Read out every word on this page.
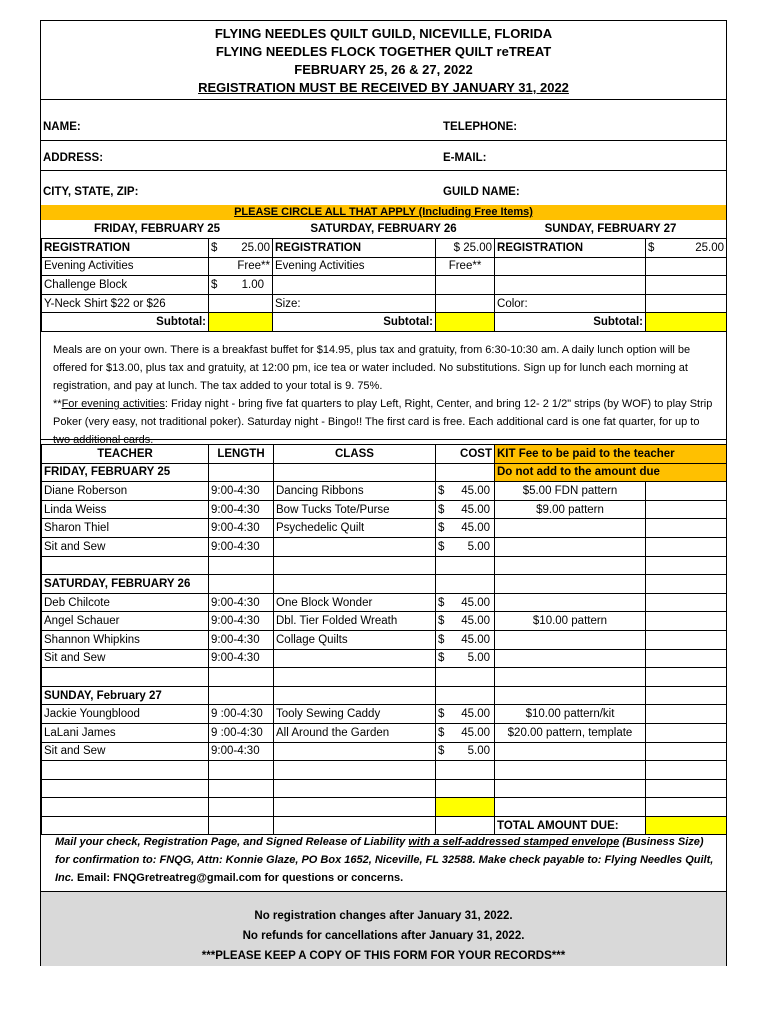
FLYING NEEDLES QUILT GUILD, NICEVILLE, FLORIDA
FLYING NEEDLES FLOCK TOGETHER QUILT reTREAT
FEBRUARY 25, 26 & 27, 2022
REGISTRATION MUST BE RECEIVED BY JANUARY 31, 2022
NAME:	TELEPHONE:
ADDRESS:	E-MAIL:
CITY, STATE, ZIP:	GUILD NAME:
PLEASE CIRCLE ALL THAT APPLY (Including Free Items)
FRIDAY, FEBRUARY 25		SATURDAY, FEBRUARY 26		SUNDAY, FEBRUARY 27	
REGISTRATION	$ 25.00	REGISTRATION	$ 25.00	REGISTRATION	$ 25.00

Evening Activities	Free**	Evening Activities	Free**		
Challenge Block	$ 1.00				

Y-Neck Shirt $22 or $26		Size:		Color:	
Subtotal:		Subtotal:		Subtotal:	
Meals are on your own. There is a breakfast buffet for $14.95, plus tax and gratuity, from 6:30-10:30 am. A daily lunch option will be offered for $13.00, plus tax and gratuity, at 12:00 pm, ice tea or water included. No substitutions. Sign up for lunch each morning at registration, and pay at lunch. The tax added to your total is 9. 75%.
**For evening activities: Friday night - bring five fat quarters to play Left, Right, Center, and bring 12- 2 1/2" strips (by WOF) to play Strip Poker (very easy, not traditional poker). Saturday night - Bingo!! The first card is free. Each additional card is one fat quarter, for up to two additional cards.
TEACHER	LENGTH	CLASS	COST	KIT Fee to be paid to the teacher	
FRIDAY, FEBRUARY 25				Do not add to the amount due	
Diane Roberson	9:00-4:30	Dancing Ribbons	$ 45.00	$5.00 FDN pattern	
Linda Weiss	9:00-4:30	Bow Tucks Tote/Purse	$ 45.00	$9.00 pattern	
Sharon Thiel	9:00-4:30	Psychedelic Quilt	$ 45.00		

Sit and Sew	9:00-4:30		$ 5.00		

SATURDAY, FEBRUARY 26					
Deb Chilcote	9:00-4:30	One Block Wonder	$ 45.00		

Angel Schauer	9:00-4:30	Dbl. Tier Folded Wreath	$ 45.00	$10.00 pattern	
Shannon Whipkins	9:00-4:30	Collage Quilts	$ 45.00		

Sit and Sew	9:00-4:30		$ 5.00		

SUNDAY, February 27					
Jackie Youngblood	9 :00-4:30	Tooly Sewing Caddy	$ 45.00	$10.00 pattern/kit	
LaLani James	9 :00-4:30	All Around the Garden	$ 45.00	$20.00 pattern, template	
Sit and Sew	9:00-4:30		$ 5.00		

				TOTAL AMOUNT DUE:	
Mail your check, Registration Page, and Signed Release of Liability with a self-addressed stamped envelope (Business Size) for confirmation to: FNQG, Attn: Konnie Glaze, PO Box 1652, Niceville, FL 32588. Make check payable to: Flying Needles Quilt, Inc. Email: FNQGretreatreg@gmail.com for questions or concerns.
No registration changes after January 31, 2022.
No refunds for cancellations after January 31, 2022.
***PLEASE KEEP A COPY OF THIS FORM FOR YOUR RECORDS***
